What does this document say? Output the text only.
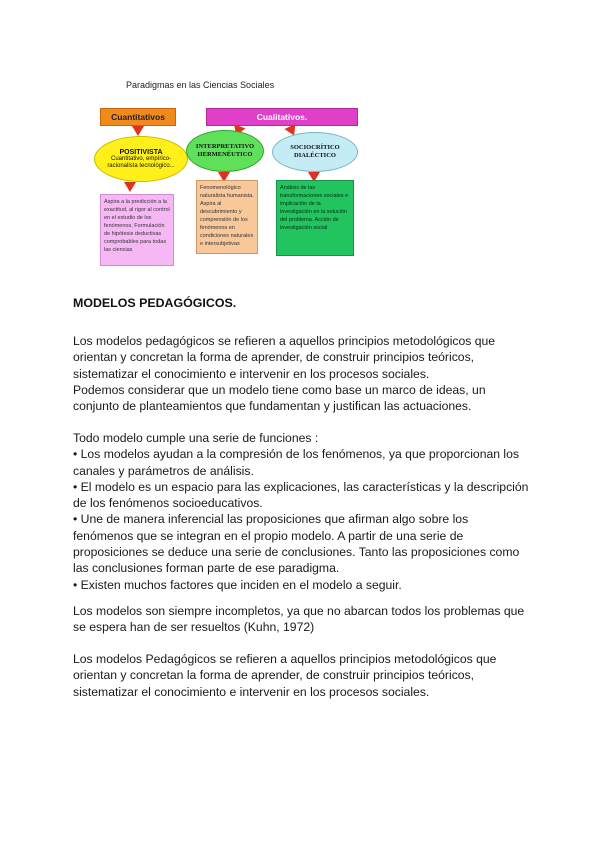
Paradigmas en las Ciencias Sociales
Cuantitativos	Cualitativos.
POSITIVISTA
Cuantitativo, empírico-racionalista tecnológico...
INTERPRETATIVO HERMENÉUTICO
SOCIOCRÍTICO DIALÉCTICO
Aspira a la predicción a la exactitud, al rigor al control en el estudio de los fenómenos. Formulación de hipótesis deductivas comprobables para todas las ciencias
Fenomenológico naturalista humanista. Aspira al descubrimiento y comprensión de los fenómenos en condiciones naturales e intersubjetivas
Análisis de las transformaciones sociales e implicación de la investigación en la solución del problema. Acción de investigación social
MODELOS PEDAGÓGICOS.

Los modelos pedagógicos se refieren a aquellos principios metodológicos que

orientan y concretan la forma de aprender, de construir principios teóricos,

sistematizar el conocimiento e intervenir en los procesos sociales.

Podemos considerar que un modelo tiene como base un marco de ideas, un

conjunto de planteamientos que fundamentan y justifican las actuaciones.

Todo modelo cumple una serie de funciones :

• Los modelos ayudan a la compresión de los fenómenos, ya que proporcionan los

canales y parámetros de análisis.

• El modelo es un espacio para las explicaciones, las características y la descripción

de los fenómenos socioeducativos.

• Une de manera inferencial las proposiciones que afirman algo sobre los

fenómenos que se integran en el propio modelo. A partir de una serie de

proposiciones se deduce una serie de conclusiones. Tanto las proposiciones como

las conclusiones forman parte de ese paradigma.

• Existen muchos factores que inciden en el modelo a seguir.

Los modelos son siempre incompletos, ya que no abarcan todos los problemas que

se espera han de ser resueltos (Kuhn, 1972)

Los modelos Pedagógicos se refieren a aquellos principios metodológicos que

orientan y concretan la forma de aprender, de construir principios teóricos,

sistematizar el conocimiento e intervenir en los procesos sociales.
